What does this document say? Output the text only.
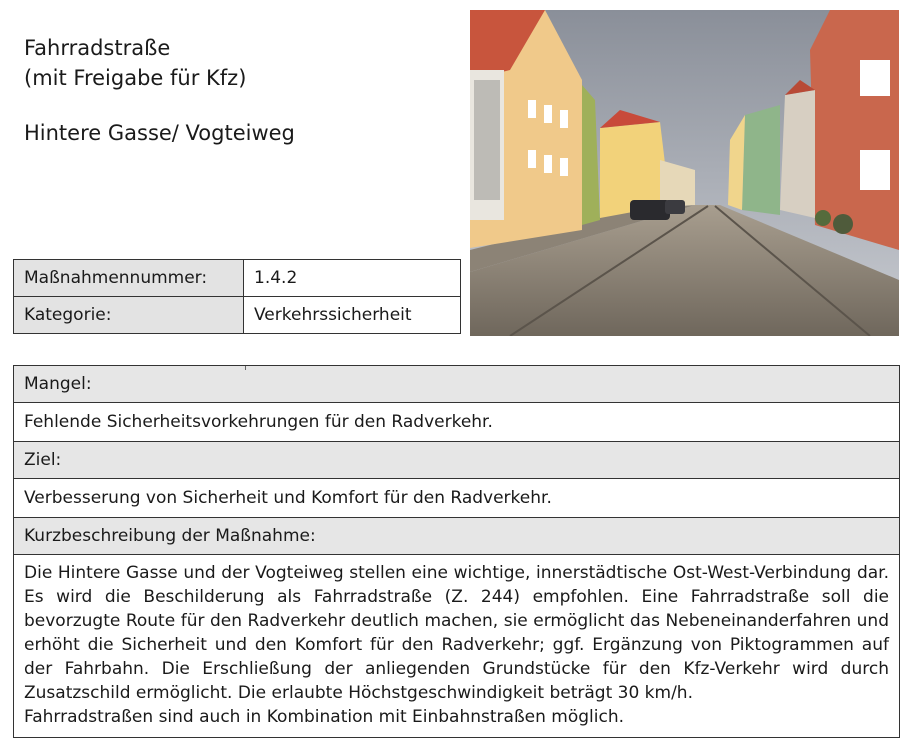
Fahrradstraße
(mit Freigabe für Kfz)
Hintere Gasse/ Vogteiweg
Maßnahmennummer:	1.4.2
Kategorie:	Verkehrssicherheit
Mangel:
Fehlende Sicherheitsvorkehrungen für den Radverkehr.
Ziel:
Verbesserung von Sicherheit und Komfort für den Radverkehr.
Kurzbeschreibung der Maßnahme:

Die Hintere Gasse und der Vogteiweg stellen eine wichtige, innerstädtische Ost-West-Verbindung dar. Es wird die Beschilderung als Fahrradstraße (Z. 244) empfohlen. Eine Fahrradstraße soll die bevorzugte Route für den Radverkehr deutlich machen, sie ermöglicht das Nebeneinanderfahren und erhöht die Sicherheit und den Komfort für den Radverkehr; ggf. Ergänzung von Piktogrammen auf der Fahrbahn. Die Erschließung der anliegenden Grundstücke für den Kfz-Verkehr wird durch Zusatzschild ermöglicht. Die erlaubte Höchstgeschwindigkeit beträgt 30 km/h.

Fahrradstraßen sind auch in Kombination mit Einbahnstraßen möglich.
